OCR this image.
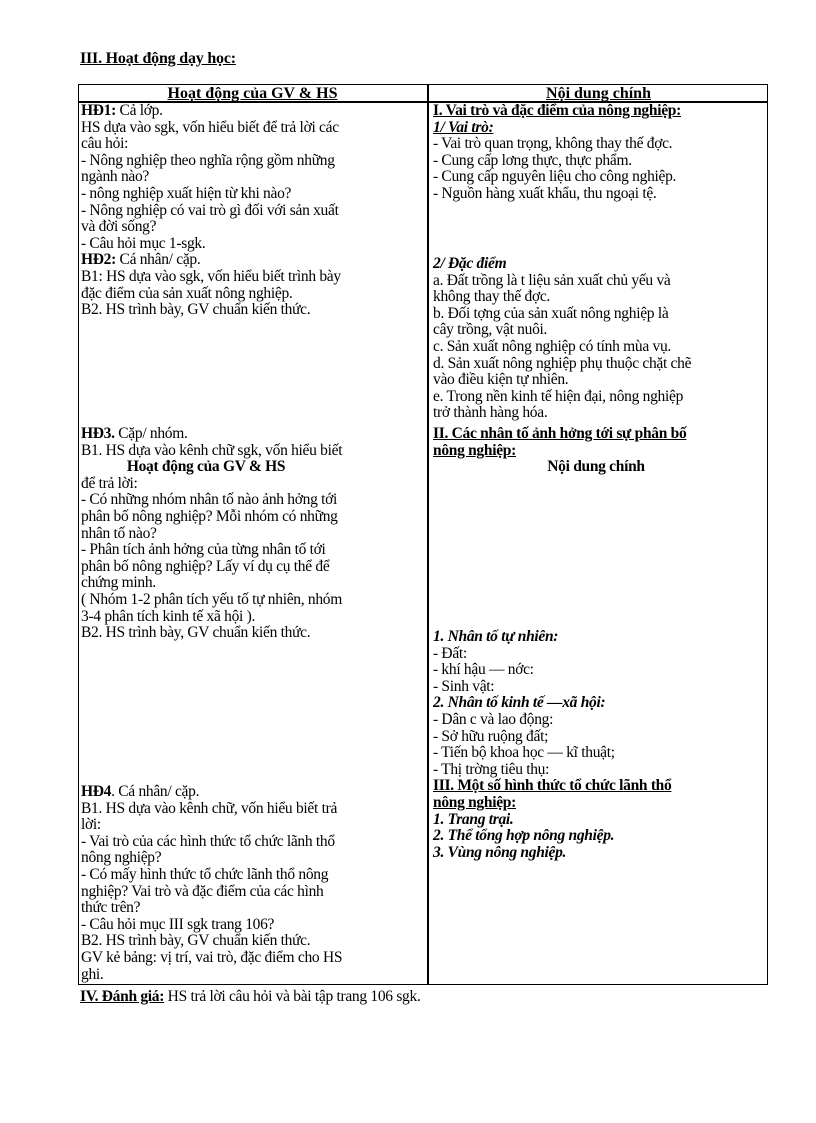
III. Hoạt động dạy học:
Hoạt động của GV & HS	Nội dung chính
HĐ1: Cả lớp.
HS dựa vào sgk, vốn hiểu biết để trả lời các
câu hỏi:
- Nông nghiệp theo nghĩa rộng gồm những
ngành nào?
- nông nghiệp xuất hiện từ khi nào?
- Nông nghiệp có vai trò gì đối với sản xuất
và đời sống?
- Câu hỏi mục 1-sgk.
HĐ2: Cá nhân/ cặp.
B1: HS dựa vào sgk, vốn hiểu biết trình bày
đặc điểm của sản xuất nông nghiệp.
B2. HS trình bày, GV chuẩn kiến thức.
HĐ3. Cặp/ nhóm.
B1. HS dựa vào kênh chữ sgk, vốn hiểu biết
Hoạt động của GV & HS
để trả lời:
- Có những nhóm nhân tố nào ảnh hởng tới
phân bố nông nghiệp? Mỗi nhóm có những
nhân tố nào?
- Phân tích ảnh hởng của từng nhân tố tới
phân bố nông nghiệp? Lấy ví dụ cụ thể để
chứng minh.
( Nhóm 1-2 phân tích yếu tố tự nhiên, nhóm
3-4 phân tích kinh tế xã hội ).
B2. HS trình bày, GV chuẩn kiến thức.
HĐ4. Cá nhân/ cặp.
B1. HS dựa vào kênh chữ, vốn hiểu biết trả
lời:
- Vai trò của các hình thức tổ chức lãnh thổ
nông nghiệp?
- Có mấy hình thức tổ chức lãnh thổ nông
nghiệp? Vai trò và đặc điểm của các hình
thức trên?
- Câu hỏi mục III sgk trang 106?
B2. HS trình bày, GV chuẩn kiến thức.
GV kẻ bảng: vị trí, vai trò, đặc điểm cho HS
ghi.
I. Vai trò và đặc điểm của nông nghiệp:
1/ Vai trò:
- Vai trò quan trọng, không thay thế đợc.
- Cung cấp lơng thực, thực phẩm.
- Cung cấp nguyên liệu cho công nghiệp.
- Nguồn hàng xuất khẩu, thu ngoại tệ.
2/ Đặc điểm
a. Đất trồng là t liệu sản xuất chủ yếu và
không thay thế đợc.
b. Đối tợng của sản xuất nông nghiệp là
cây trồng, vật nuôi.
c. Sản xuất nông nghiệp có tính mùa vụ.
d. Sản xuất nông nghiệp phụ thuộc chặt chẽ
vào điều kiện tự nhiên.
e. Trong nền kinh tế hiện đại, nông nghiệp
trở thành hàng hóa.
II. Các nhân tố ảnh hởng tới sự phân bố
nông nghiệp:
Nội dung chính
1. Nhân tố tự nhiên:
- Đất:
- khí hậu — nớc:
- Sinh vật:
2. Nhân tố kinh tế —xã hội:
- Dân c và lao động:
- Sở hữu ruộng đất;
- Tiến bộ khoa học — kĩ thuật;
- Thị trờng tiêu thụ:
III. Một số hình thức tổ chức lãnh thổ
nông nghiệp:
1. Trang trại.
2. Thể tổng hợp nông nghiệp.
3. Vùng nông nghiệp.
IV. Đánh giá: HS trả lời câu hỏi và bài tập trang 106 sgk.
